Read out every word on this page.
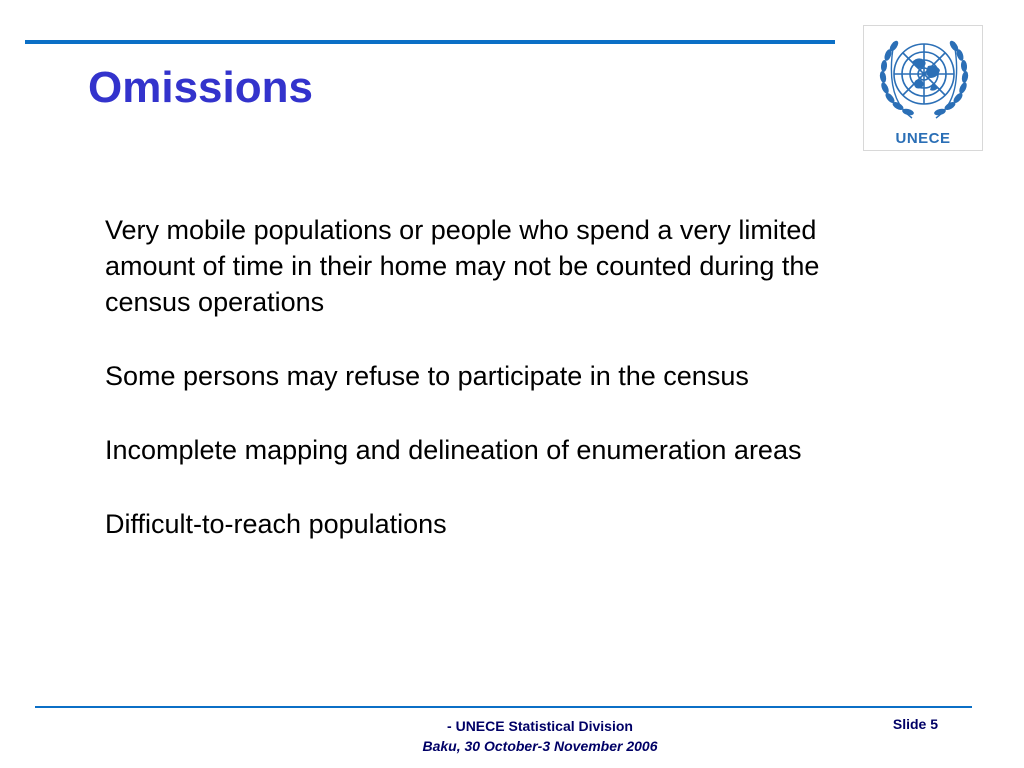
Omissions
UNECE
Very mobile populations or people who spend a very limited amount of time in their home may not be counted during the census operations
Some persons may refuse to participate in the census
Incomplete mapping and delineation of enumeration areas
Difficult-to-reach populations
- UNECE Statistical Division
Baku, 30 October-3 November 2006
Slide 5
